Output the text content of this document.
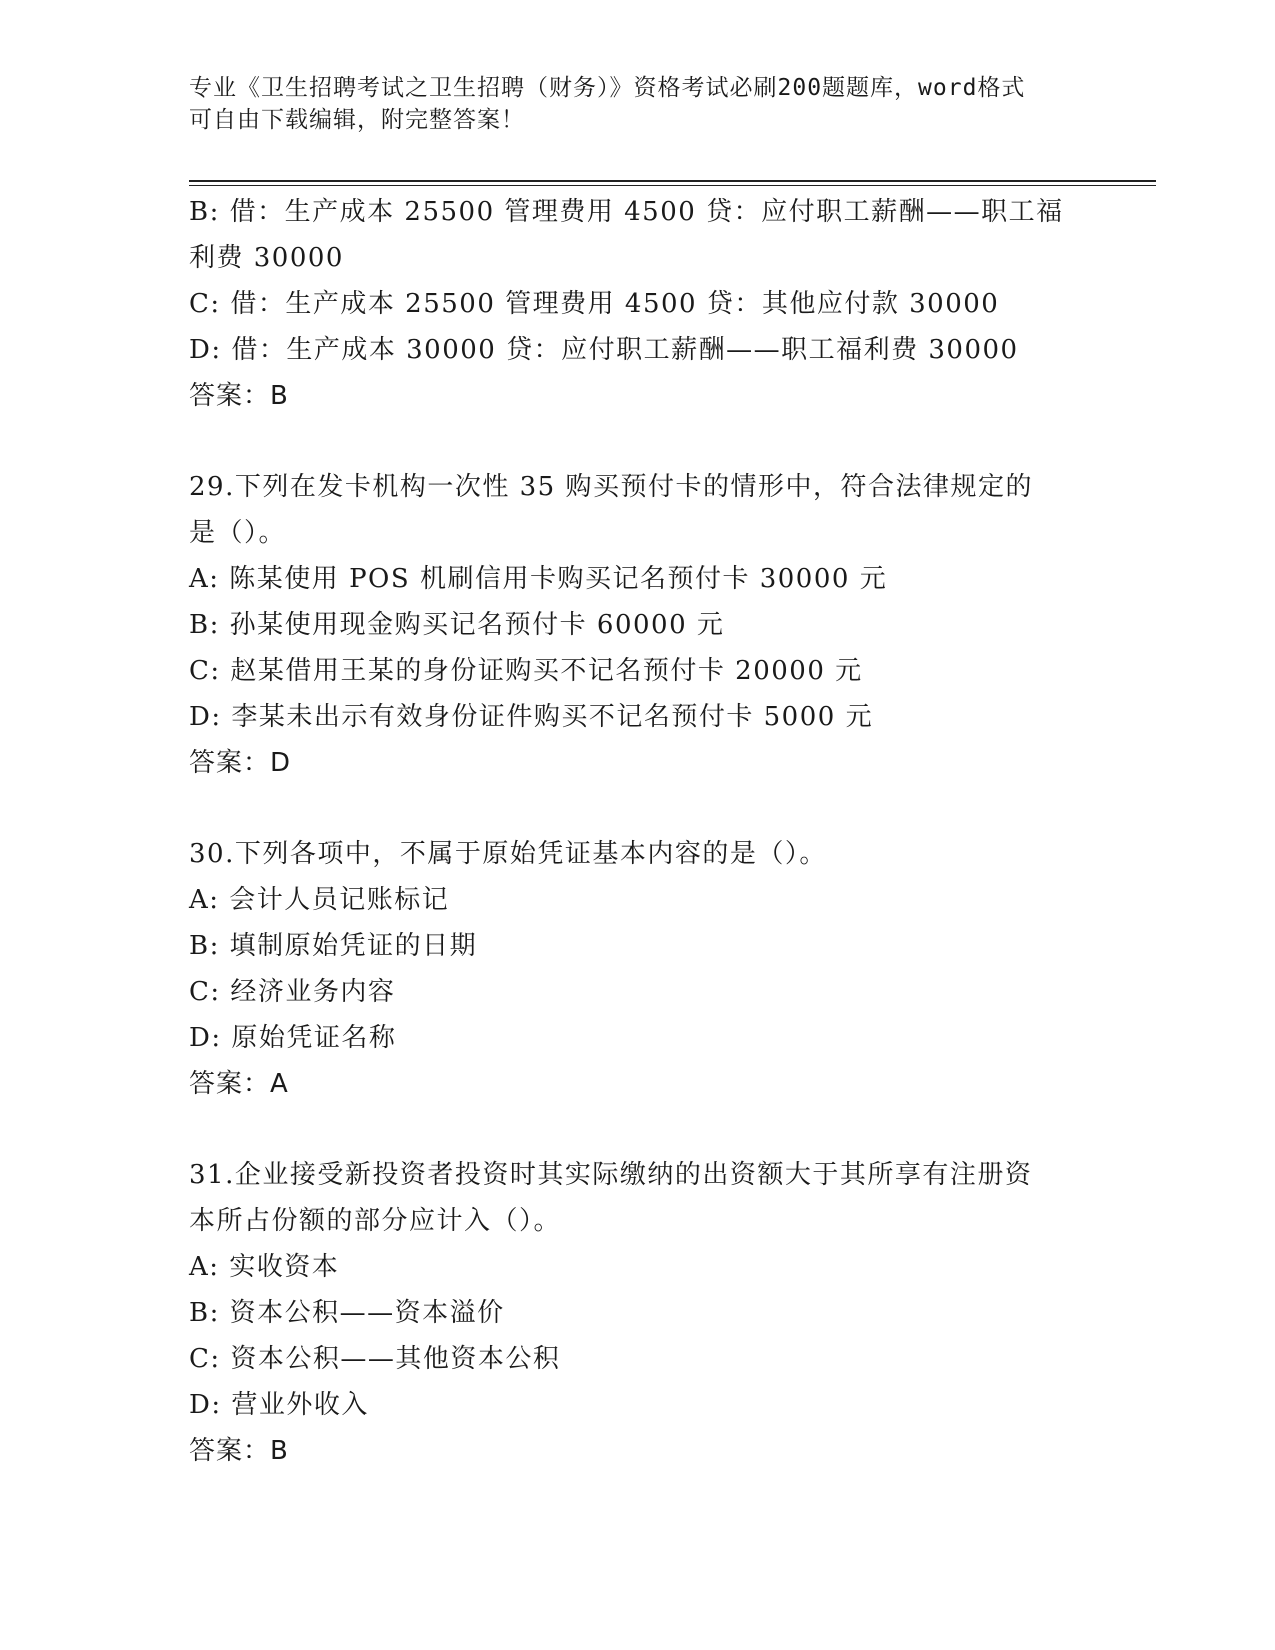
专业《卫生招聘考试之卫生招聘（财务）》资格考试必刷200题题库，word格式
可自由下载编辑，附完整答案！
B: 借：生产成本 25500 管理费用 4500 贷：应付职工薪酬——职工福
利费 30000
C: 借：生产成本 25500 管理费用 4500 贷：其他应付款 30000
D: 借：生产成本 30000 贷：应付职工薪酬——职工福利费 30000
答案：B
29.下列在发卡机构一次性 35 购买预付卡的情形中，符合法律规定的
是（）。
A: 陈某使用 POS 机刷信用卡购买记名预付卡 30000 元
B: 孙某使用现金购买记名预付卡 60000 元
C: 赵某借用王某的身份证购买不记名预付卡 20000 元
D: 李某未出示有效身份证件购买不记名预付卡 5000 元
答案：D
30.下列各项中，不属于原始凭证基本内容的是（）。
A: 会计人员记账标记
B: 填制原始凭证的日期
C: 经济业务内容
D: 原始凭证名称
答案：A
31.企业接受新投资者投资时其实际缴纳的出资额大于其所享有注册资
本所占份额的部分应计入（）。
A: 实收资本
B: 资本公积——资本溢价
C: 资本公积——其他资本公积
D: 营业外收入
答案：B
